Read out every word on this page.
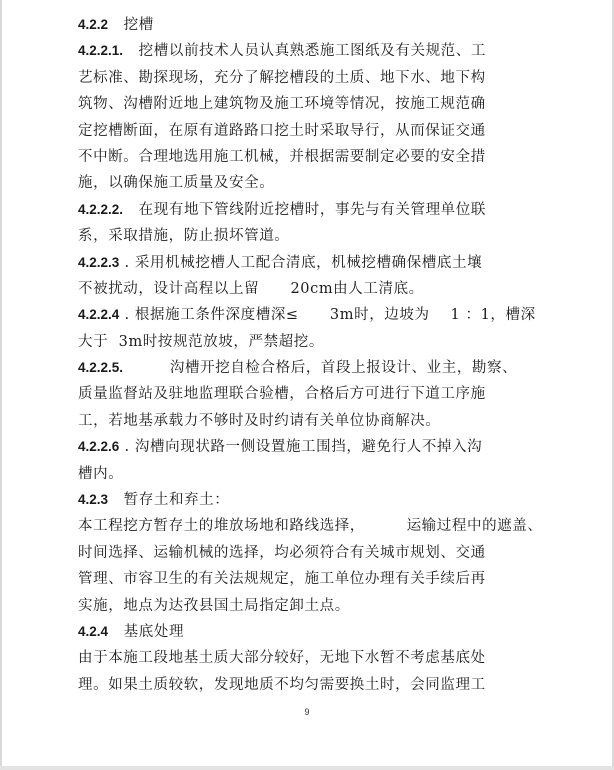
4.2.2   挖槽
4.2.2.1.   挖槽以前技术人员认真熟悉施工图纸及有关规范、工
艺标准、勘探现场，充分了解挖槽段的土质、地下水、地下构
筑物、沟槽附近地上建筑物及施工环境等情况，按施工规范确
定挖槽断面，在原有道路路口挖土时采取导行，从而保证交通
不中断。合理地选用施工机械，并根据需要制定必要的安全措
施，以确保施工质量及安全。
4.2.2.2.   在现有地下管线附近挖槽时，事先与有关管理单位联
系，采取措施，防止损坏管道。
4.2.2.3 . 采用机械挖槽人工配合清底，机械挖槽确保槽底土壤
不被扰动，设计高程以上留      20cm由人工清底。
4.2.2.4 . 根据施工条件深度槽深≤      3m时，边坡为    1 ：1，槽深
大于  3m时按规范放坡，严禁超挖。
4.2.2.5.         沟槽开挖自检合格后，首段上报设计、业主，勘察、
质量监督站及驻地监理联合验槽，合格后方可进行下道工序施
工，若地基承载力不够时及时约请有关单位协商解决。
4.2.2.6 . 沟槽向现状路一侧设置施工围挡，避免行人不掉入沟
槽内。
4.2.3   暂存土和弃土：
本工程挖方暂存土的堆放场地和路线选择，        运输过程中的遮盖、
时间选择、运输机械的选择，均必须符合有关城市规划、交通
管理、市容卫生的有关法规规定，施工单位办理有关手续后再
实施，地点为达孜县国土局指定卸土点。
4.2.4   基底处理
由于本施工段地基土质大部分较好，无地下水暂不考虑基底处
理。如果土质较软，发现地质不均匀需要换土时，会同监理工
9
